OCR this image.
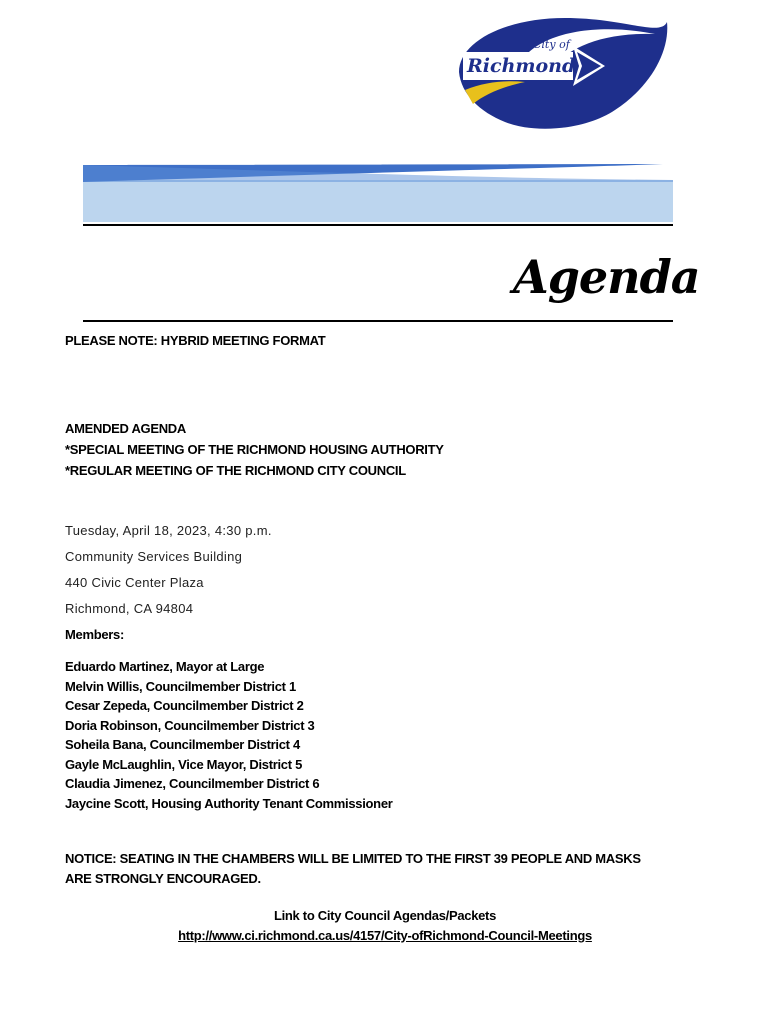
City of
Richmond
Agenda
PLEASE NOTE: HYBRID MEETING FORMAT
AMENDED AGENDA
*SPECIAL MEETING OF THE RICHMOND HOUSING AUTHORITY
*REGULAR MEETING OF THE RICHMOND CITY COUNCIL
Tuesday, April 18, 2023, 4:30 p.m.
Community Services Building
440 Civic Center Plaza
Richmond, CA 94804
Members:
Eduardo Martinez, Mayor at Large
Melvin Willis, Councilmember District 1
Cesar Zepeda, Councilmember District 2
Doria Robinson, Councilmember District 3
Soheila Bana, Councilmember District 4
Gayle McLaughlin, Vice Mayor, District 5
Claudia Jimenez, Councilmember District 6
Jaycine Scott, Housing Authority Tenant Commissioner
NOTICE: SEATING IN THE CHAMBERS WILL BE LIMITED TO THE FIRST 39 PEOPLE AND MASKS
ARE STRONGLY ENCOURAGED.
Link to City Council Agendas/Packets
http://www.ci.richmond.ca.us/4157/City-ofRichmond-Council-Meetings
